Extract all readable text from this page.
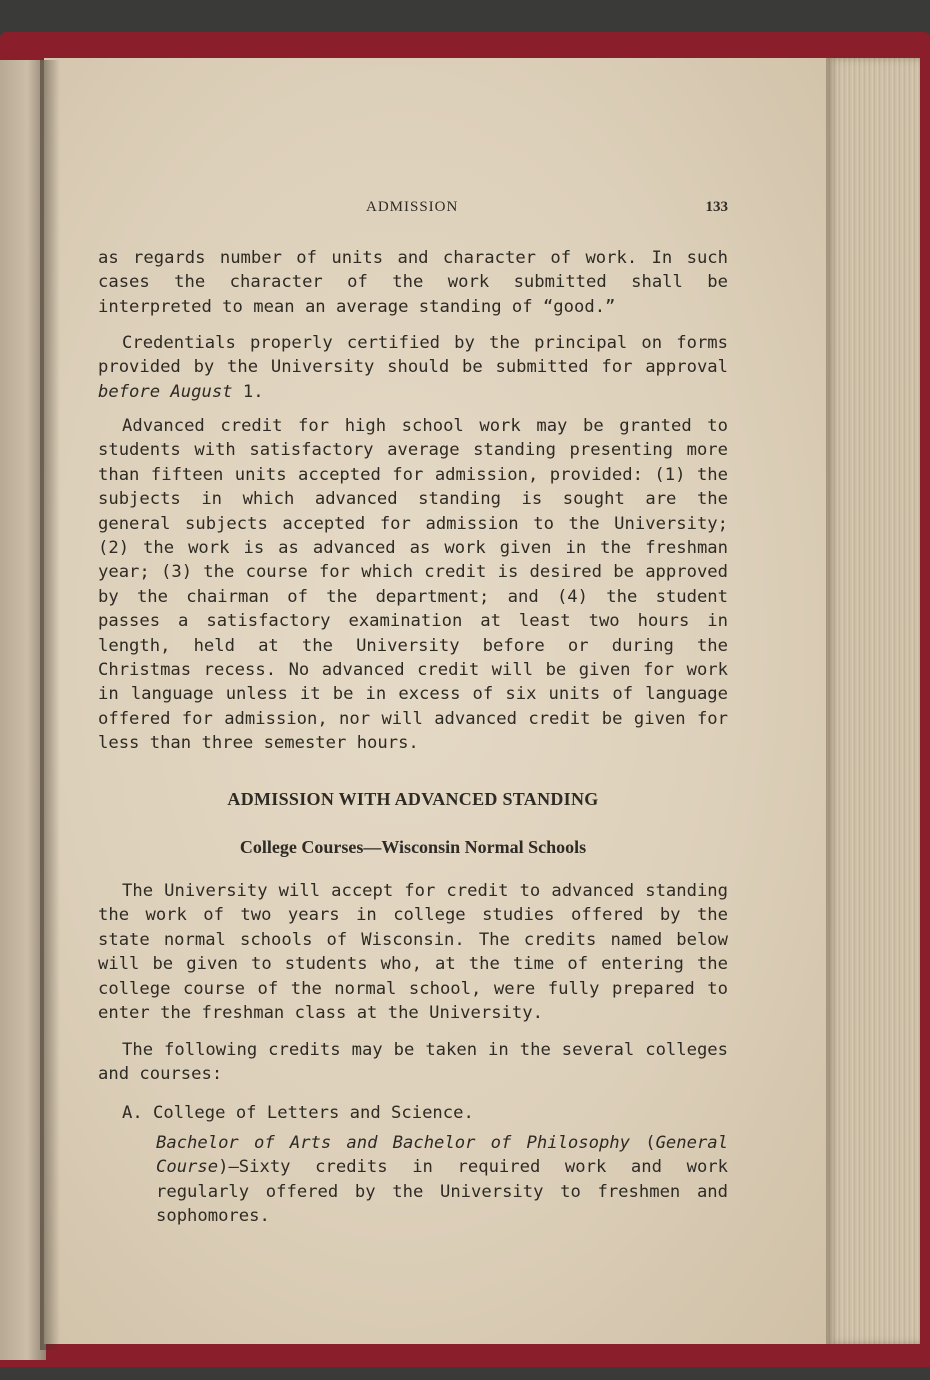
ADMISSION	133

as regards number of units and character of work. In such cases the character of the work submitted shall be interpreted to mean an average standing of “good.”

Credentials properly certified by the principal on forms provided by the University should be submitted for approval before August 1.

Advanced credit for high school work may be granted to students with satisfactory average standing presenting more than fifteen units accepted for admission, provided: (1) the subjects in which advanced standing is sought are the general subjects accepted for admission to the University; (2) the work is as advanced as work given in the freshman year; (3) the course for which credit is desired be approved by the chairman of the department; and (4) the student passes a satisfactory examination at least two hours in length, held at the University before or during the Christmas recess. No advanced credit will be given for work in language unless it be in excess of six units of language offered for admission, nor will advanced credit be given for less than three semester hours.

ADMISSION WITH ADVANCED STANDING
College Courses—Wisconsin Normal Schools

The University will accept for credit to advanced standing the work of two years in college studies offered by the state normal schools of Wisconsin. The credits named below will be given to students who, at the time of entering the college course of the normal school, were fully prepared to enter the freshman class at the University.

The following credits may be taken in the several colleges and courses:

A. College of Letters and Science.

Bachelor of Arts and Bachelor of Philosophy (General Course)—Sixty credits in required work and work regularly offered by the University to freshmen and sophomores.
